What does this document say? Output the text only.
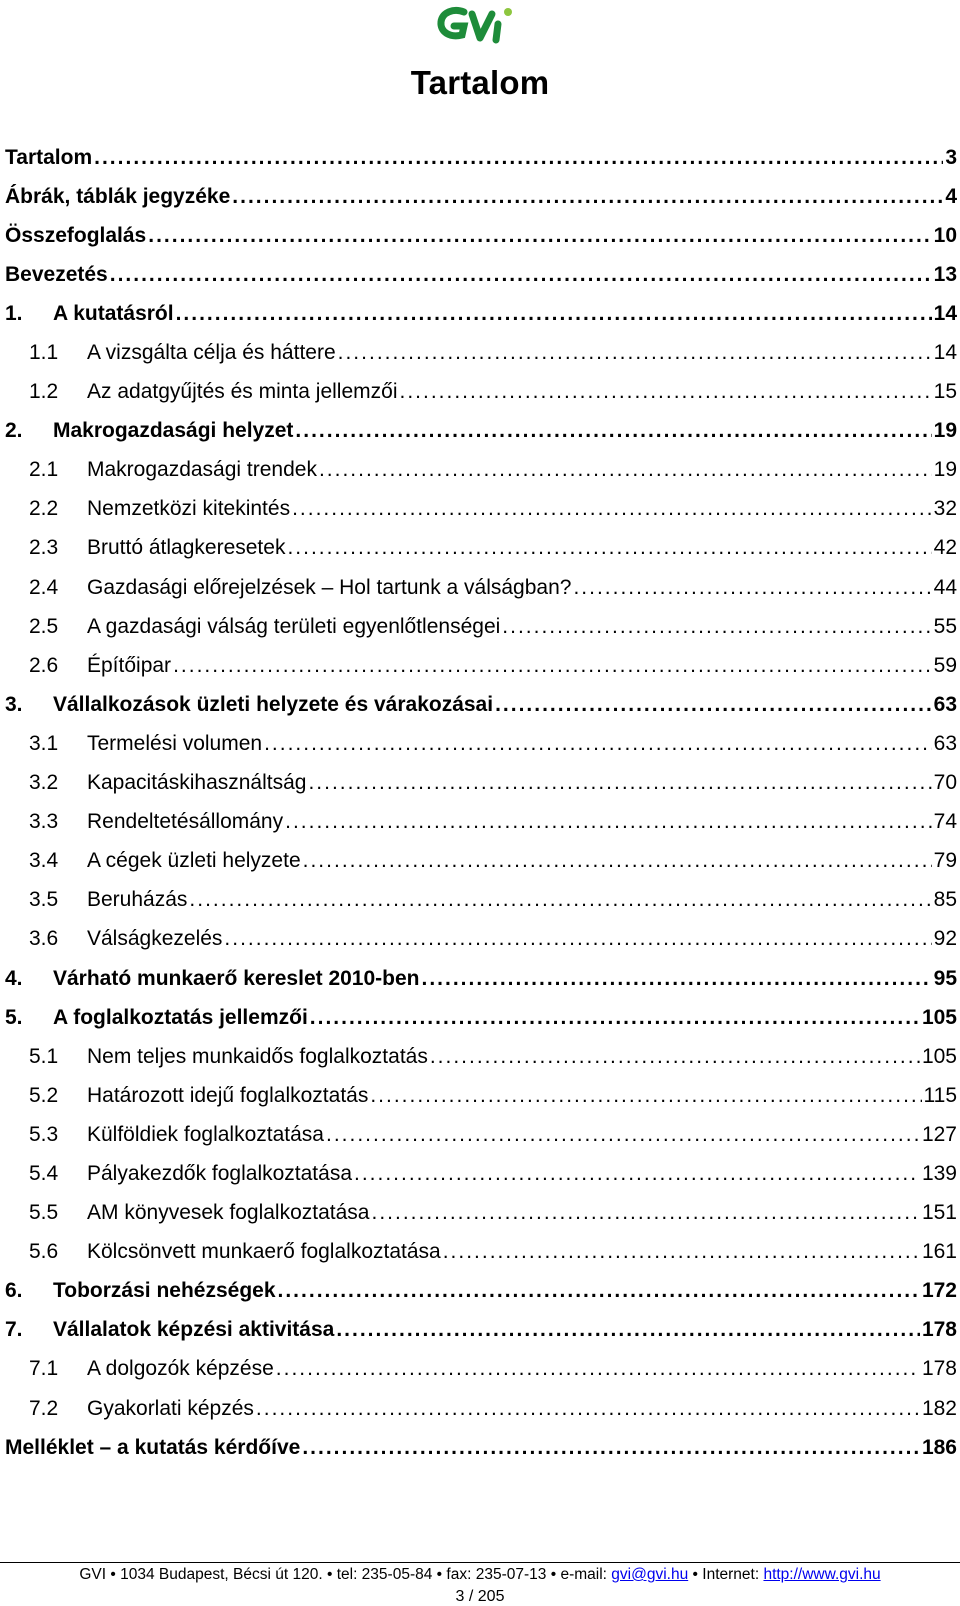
Tartalom
Tartalom .....	3
Ábrák, táblák jegyzéke .....	4
Összefoglalás .....	10
Bevezetés .....	13
1.	A kutatásról .....	14
1.1	A vizsgálta célja és háttere .....	14
1.2	Az adatgyűjtés és minta jellemzői .....	15
2.	Makrogazdasági helyzet .....	19
2.1	Makrogazdasági trendek .....	19
2.2	Nemzetközi kitekintés .....	32
2.3	Bruttó átlagkeresetek .....	42
2.4	Gazdasági előrejelzések – Hol tartunk a válságban? .....	44
2.5	A gazdasági válság területi egyenlőtlenségei .....	55
2.6	Építőipar .....	59
3.	Vállalkozások üzleti helyzete és várakozásai .....	63
3.1	Termelési volumen .....	63
3.2	Kapacitáskihasználtság .....	70
3.3	Rendeltetésállomány .....	74
3.4	A cégek üzleti helyzete .....	79
3.5	Beruházás .....	85
3.6	Válságkezelés .....	92
4.	Várható munkaerő kereslet 2010-ben .....	95
5.	A foglalkoztatás jellemzői .....	105
5.1	Nem teljes munkaidős foglalkoztatás .....	105
5.2	Határozott idejű foglalkoztatás .....	115
5.3	Külföldiek foglalkoztatása .....	127
5.4	Pályakezdők foglalkoztatása .....	139
5.5	AM könyvesek foglalkoztatása .....	151
5.6	Kölcsönvett munkaerő foglalkoztatása .....	161
6.	Toborzási nehézségek .....	172
7.	Vállalatok képzési aktivitása .....	178
7.1	A dolgozók képzése .....	178
7.2	Gyakorlati képzés .....	182
Melléklet – a kutatás kérdőíve .....	186
GVI • 1034 Budapest, Bécsi út 120. • tel: 235-05-84 • fax: 235-07-13 • e-mail: gvi@gvi.hu • Internet: http://www.gvi.hu
3 / 205
